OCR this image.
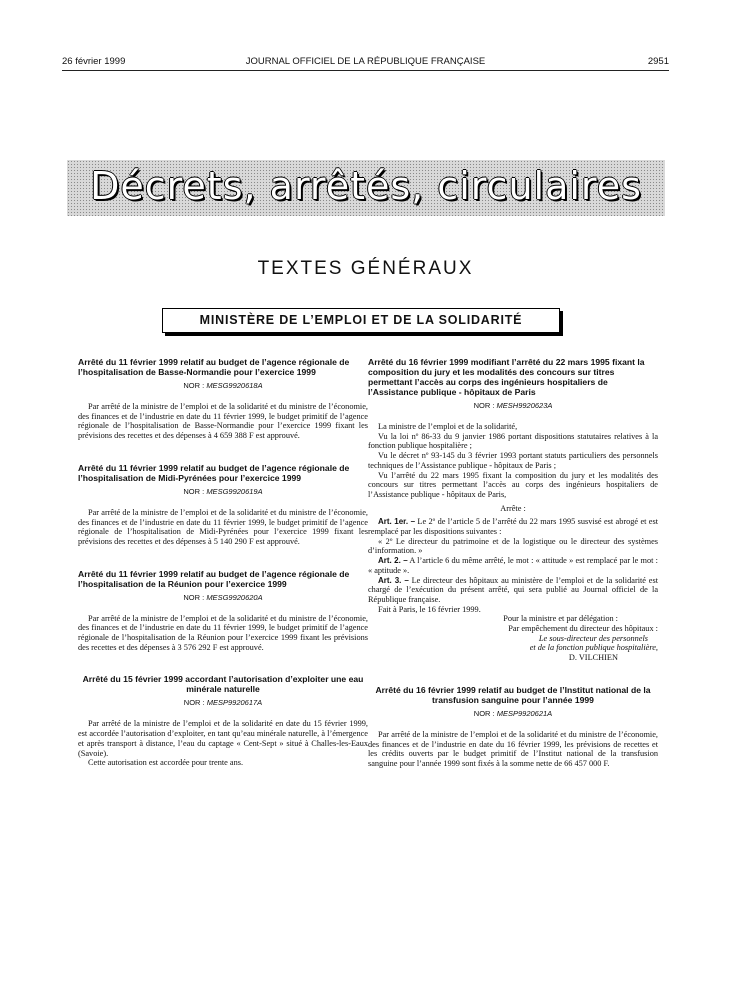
26 février 1999	JOURNAL OFFICIEL DE LA RÉPUBLIQUE FRANÇAISE	2951
Décrets, arrêtés, circulaires
TEXTES GÉNÉRAUX
MINISTÈRE DE L’EMPLOI ET DE LA SOLIDARITÉ

Arrêté du 11 février 1999 relatif au budget de l’agence régionale de l’hospitalisation de Basse-Normandie pour l’exercice 1999

NOR : MESG9920618A

Par arrêté de la ministre de l’emploi et de la solidarité et du ministre de l’économie, des finances et de l’industrie en date du 11 février 1999, le budget primitif de l’agence régionale de l’hospitalisation de Basse-Normandie pour l’exercice 1999 fixant les prévisions des recettes et des dépenses à 4 659 388 F est approuvé.

Arrêté du 11 février 1999 relatif au budget de l’agence régionale de l’hospitalisation de Midi-Pyrénées pour l’exercice 1999

NOR : MESG9920619A

Par arrêté de la ministre de l’emploi et de la solidarité et du ministre de l’économie, des finances et de l’industrie en date du 11 février 1999, le budget primitif de l’agence régionale de l’hospitalisation de Midi-Pyrénées pour l’exercice 1999 fixant les prévisions des recettes et des dépenses à 5 140 290 F est approuvé.

Arrêté du 11 février 1999 relatif au budget de l’agence régionale de l’hospitalisation de la Réunion pour l’exercice 1999

NOR : MESG9920620A

Par arrêté de la ministre de l’emploi et de la solidarité et du ministre de l’économie, des finances et de l’industrie en date du 11 février 1999, le budget primitif de l’agence régionale de l’hospitalisation de la Réunion pour l’exercice 1999 fixant les prévisions des recettes et des dépenses à 3 576 292 F est approuvé.

Arrêté du 15 février 1999 accordant l’autorisation d’exploiter une eau minérale naturelle

NOR : MESP9920617A

Par arrêté de la ministre de l’emploi et de la solidarité en date du 15 février 1999, est accordée l’autorisation d’exploiter, en tant qu’eau minérale naturelle, à l’émergence et après transport à distance, l’eau du captage « Cent-Sept » situé à Challes-les-Eaux (Savoie).

Cette autorisation est accordée pour trente ans.

Arrêté du 16 février 1999 modifiant l’arrêté du 22 mars 1995 fixant la composition du jury et les modalités des concours sur titres permettant l’accès au corps des ingénieurs hospitaliers de l’Assistance publique - hôpitaux de Paris

NOR : MESH9920623A

La ministre de l’emploi et de la solidarité,

Vu la loi nº 86-33 du 9 janvier 1986 portant dispositions statutaires relatives à la fonction publique hospitalière ;

Vu le décret nº 93-145 du 3 février 1993 portant statuts particuliers des personnels techniques de l’Assistance publique - hôpitaux de Paris ;

Vu l’arrêté du 22 mars 1995 fixant la composition du jury et les modalités des concours sur titres permettant l’accès au corps des ingénieurs hospitaliers de l’Assistance publique - hôpitaux de Paris,

Arrête :

Art. 1er. – Le 2º de l’article 5 de l’arrêté du 22 mars 1995 susvisé est abrogé et est remplacé par les dispositions suivantes :

« 2º Le directeur du patrimoine et de la logistique ou le directeur des systèmes d’information. »

Art. 2. – A l’article 6 du même arrêté, le mot : « attitude » est remplacé par le mot : « aptitude ».

Art. 3. – Le directeur des hôpitaux au ministère de l’emploi et de la solidarité est chargé de l’exécution du présent arrêté, qui sera publié au Journal officiel de la République française.

Fait à Paris, le 16 février 1999.

Pour la ministre et par délégation :

Par empêchement du directeur des hôpitaux :

Le sous-directeur des personnels

et de la fonction publique hospitalière,

D. VILCHIEN

Arrêté du 16 février 1999 relatif au budget de l’Institut national de la transfusion sanguine pour l’année 1999

NOR : MESP9920621A

Par arrêté de la ministre de l’emploi et de la solidarité et du ministre de l’économie, des finances et de l’industrie en date du 16 février 1999, les prévisions de recettes et les crédits ouverts par le budget primitif de l’Institut national de la transfusion sanguine pour l’année 1999 sont fixés à la somme nette de 66 457 000 F.
